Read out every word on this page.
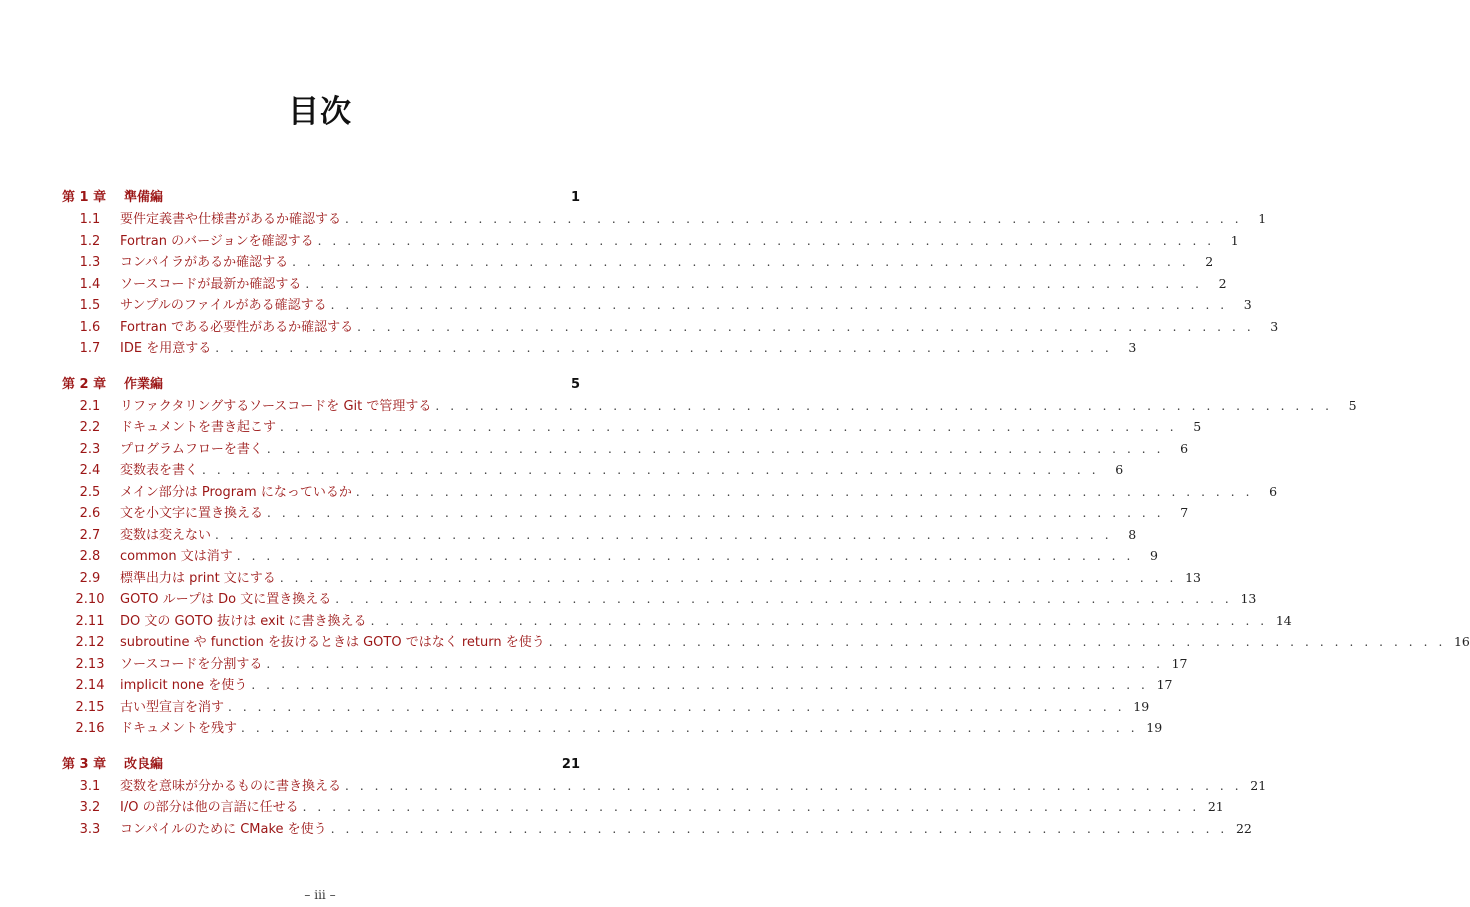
目次
第 1 章	準備編	1
1.1	要件定義書や仕様書があるか確認する . . . . . . . . . . . . . . . . . . . . . . . . . . . . . . . . . . . . . . . . . . . . . . . . . . . . . . . . . . . . .	1
1.2	Fortran のバージョンを確認する . . . . . . . . . . . . . . . . . . . . . . . . . . . . . . . . . . . . . . . . . . . . . . . . . . . . . . . . . . . . .	1
1.3	コンパイラがあるか確認する . . . . . . . . . . . . . . . . . . . . . . . . . . . . . . . . . . . . . . . . . . . . . . . . . . . . . . . . . . . . .	2
1.4	ソースコードが最新か確認する . . . . . . . . . . . . . . . . . . . . . . . . . . . . . . . . . . . . . . . . . . . . . . . . . . . . . . . . . . . . .	2
1.5	サンプルのファイルがある確認する . . . . . . . . . . . . . . . . . . . . . . . . . . . . . . . . . . . . . . . . . . . . . . . . . . . . . . . . . . . . .	3
1.6	Fortran である必要性があるか確認する . . . . . . . . . . . . . . . . . . . . . . . . . . . . . . . . . . . . . . . . . . . . . . . . . . . . . . . . . . . . .	3
1.7	IDE を用意する . . . . . . . . . . . . . . . . . . . . . . . . . . . . . . . . . . . . . . . . . . . . . . . . . . . . . . . . . . . . .	3
第 2 章	作業編	5
2.1	リファクタリングするソースコードを Git で管理する . . . . . . . . . . . . . . . . . . . . . . . . . . . . . . . . . . . . . . . . . . . . . . . . . . . . . . . . . . . . .	5
2.2	ドキュメントを書き起こす . . . . . . . . . . . . . . . . . . . . . . . . . . . . . . . . . . . . . . . . . . . . . . . . . . . . . . . . . . . . .	5
2.3	プログラムフローを書く . . . . . . . . . . . . . . . . . . . . . . . . . . . . . . . . . . . . . . . . . . . . . . . . . . . . . . . . . . . . .	6
2.4	変数表を書く . . . . . . . . . . . . . . . . . . . . . . . . . . . . . . . . . . . . . . . . . . . . . . . . . . . . . . . . . . . . .	6
2.5	メイン部分は Program になっているか . . . . . . . . . . . . . . . . . . . . . . . . . . . . . . . . . . . . . . . . . . . . . . . . . . . . . . . . . . . . .	6
2.6	文を小文字に置き換える . . . . . . . . . . . . . . . . . . . . . . . . . . . . . . . . . . . . . . . . . . . . . . . . . . . . . . . . . . . . .	7
2.7	変数は変えない . . . . . . . . . . . . . . . . . . . . . . . . . . . . . . . . . . . . . . . . . . . . . . . . . . . . . . . . . . . . .	8
2.8	common 文は消す . . . . . . . . . . . . . . . . . . . . . . . . . . . . . . . . . . . . . . . . . . . . . . . . . . . . . . . . . . . . .	9
2.9	標準出力は print 文にする . . . . . . . . . . . . . . . . . . . . . . . . . . . . . . . . . . . . . . . . . . . . . . . . . . . . . . . . . . . . . 13
2.10	GOTO ループは Do 文に置き換える . . . . . . . . . . . . . . . . . . . . . . . . . . . . . . . . . . . . . . . . . . . . . . . . . . . . . . . . . . . . . 13
2.11	DO 文の GOTO 抜けは exit に書き換える . . . . . . . . . . . . . . . . . . . . . . . . . . . . . . . . . . . . . . . . . . . . . . . . . . . . . . . . . . . . . 14
2.12	subroutine や function を抜けるときは GOTO ではなく return を使う . . . . . . . . . . . . . . . . . . . . . . . . . . . . . . . . . . . . . . . . . . . . . . . . . . . . . . . . . . . . . 16
2.13	ソースコードを分割する . . . . . . . . . . . . . . . . . . . . . . . . . . . . . . . . . . . . . . . . . . . . . . . . . . . . . . . . . . . . . 17
2.14	implicit none を使う . . . . . . . . . . . . . . . . . . . . . . . . . . . . . . . . . . . . . . . . . . . . . . . . . . . . . . . . . . . . . 17
2.15	古い型宣言を消す . . . . . . . . . . . . . . . . . . . . . . . . . . . . . . . . . . . . . . . . . . . . . . . . . . . . . . . . . . . . . 19
2.16	ドキュメントを残す . . . . . . . . . . . . . . . . . . . . . . . . . . . . . . . . . . . . . . . . . . . . . . . . . . . . . . . . . . . . . 19
第 3 章	改良編	21
3.1	変数を意味が分かるものに書き換える . . . . . . . . . . . . . . . . . . . . . . . . . . . . . . . . . . . . . . . . . . . . . . . . . . . . . . . . . . . . . 21
3.2	I/O の部分は他の言語に任せる . . . . . . . . . . . . . . . . . . . . . . . . . . . . . . . . . . . . . . . . . . . . . . . . . . . . . . . . . . . . . 21
3.3	コンパイルのために CMake を使う . . . . . . . . . . . . . . . . . . . . . . . . . . . . . . . . . . . . . . . . . . . . . . . . . . . . . . . . . . . . . 22
– iii –
